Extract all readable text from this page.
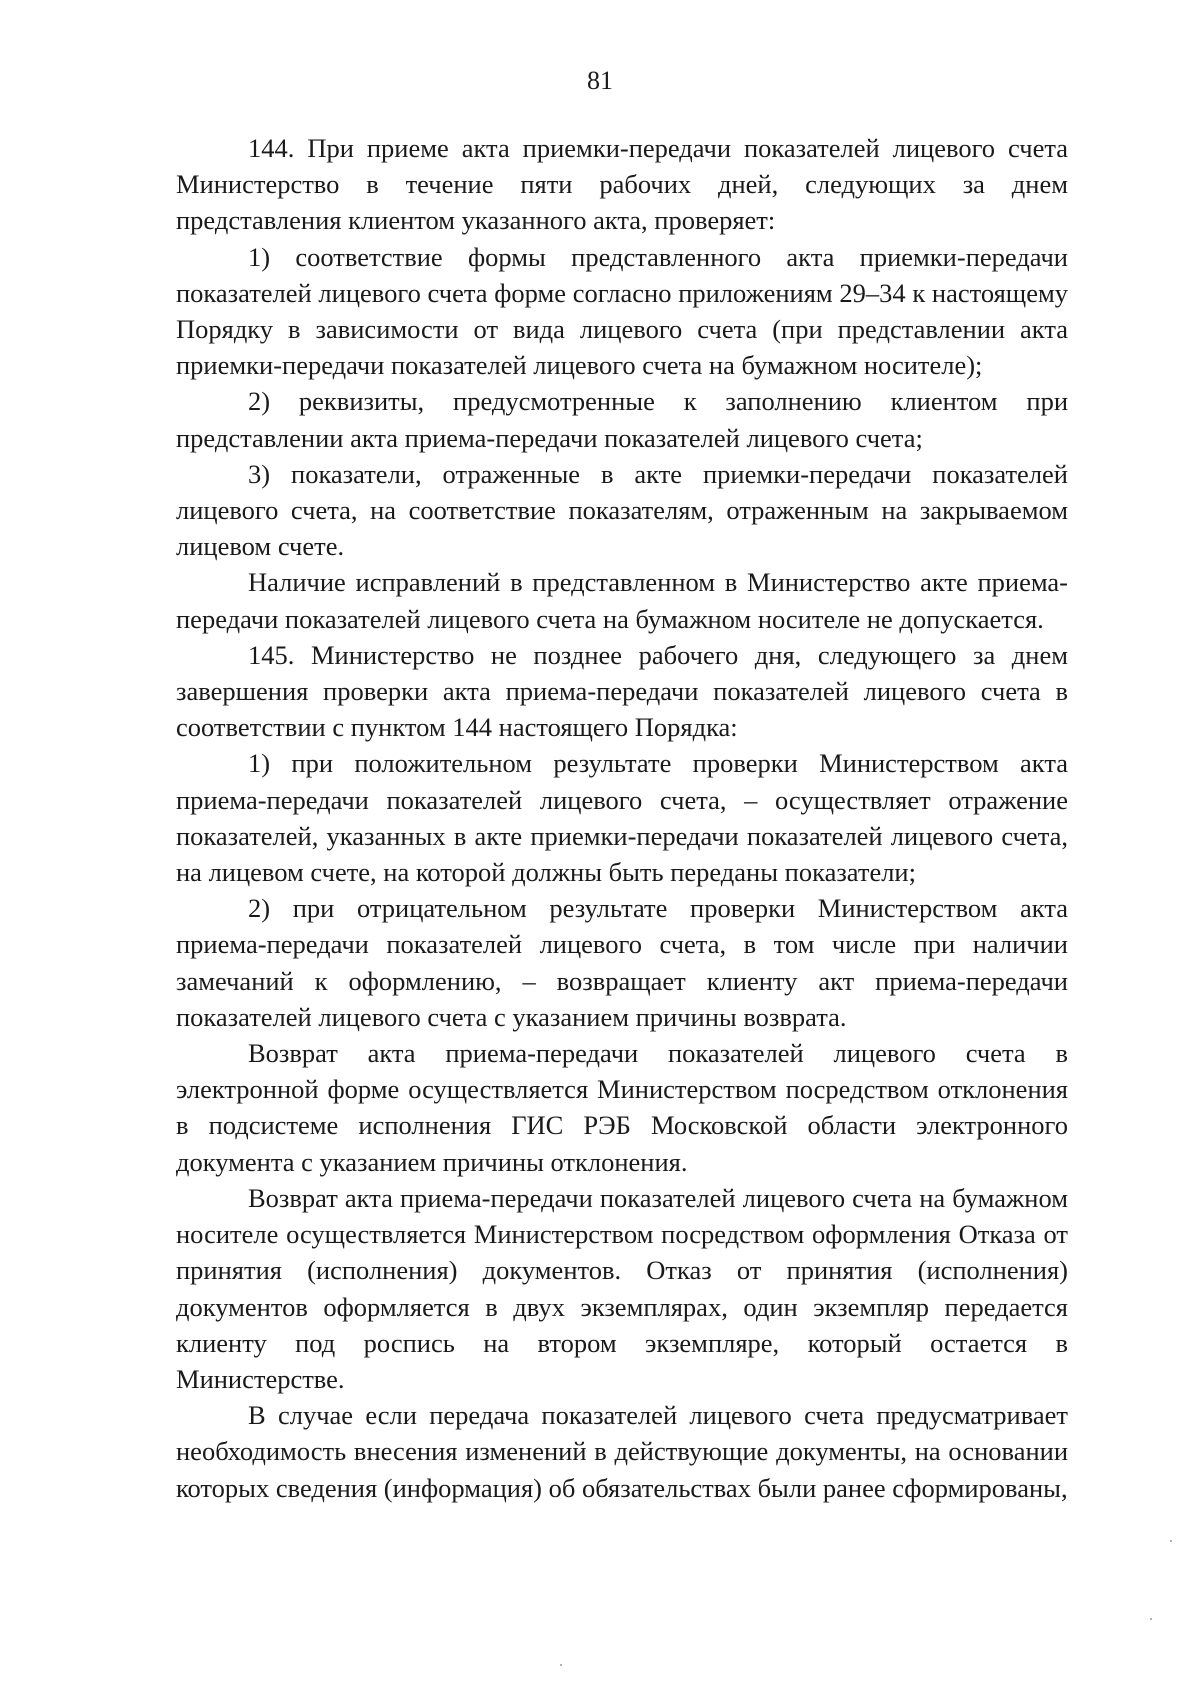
81

144. При приеме акта приемки-передачи показателей лицевого счета Министерство в течение пяти рабочих дней, следующих за днем представления клиентом указанного акта, проверяет:

1) соответствие формы представленного акта приемки-передачи показателей лицевого счета форме согласно приложениям 29–34 к настоящему Порядку в зависимости от вида лицевого счета (при представлении акта приемки-передачи показателей лицевого счета на бумажном носителе);

2) реквизиты, предусмотренные к заполнению клиентом при представлении акта приема-передачи показателей лицевого счета;

3) показатели, отраженные в акте приемки-передачи показателей лицевого счета, на соответствие показателям, отраженным на закрываемом лицевом счете.

Наличие исправлений в представленном в Министерство акте приема-передачи показателей лицевого счета на бумажном носителе не допускается.

145. Министерство не позднее рабочего дня, следующего за днем завершения проверки акта приема-передачи показателей лицевого счета в соответствии с пунктом 144 настоящего Порядка:

1) при положительном результате проверки Министерством акта приема-передачи показателей лицевого счета, – осуществляет отражение показателей, указанных в акте приемки-передачи показателей лицевого счета, на лицевом счете, на которой должны быть переданы показатели;

2) при отрицательном результате проверки Министерством акта приема-передачи показателей лицевого счета, в том числе при наличии замечаний к оформлению, – возвращает клиенту акт приема-передачи показателей лицевого счета с указанием причины возврата.

Возврат акта приема-передачи показателей лицевого счета в электронной форме осуществляется Министерством посредством отклонения в подсистеме исполнения ГИС РЭБ Московской области электронного документа с указанием причины отклонения.

Возврат акта приема-передачи показателей лицевого счета на бумажном носителе осуществляется Министерством посредством оформления Отказа от принятия (исполнения) документов. Отказ от принятия (исполнения) документов оформляется в двух экземплярах, один экземпляр передается клиенту под роспись на втором экземпляре, который остается в Министерстве.

В случае если передача показателей лицевого счета предусматривает необходимость внесения изменений в действующие документы, на основании которых сведения (информация) об обязательствах были ранее сформированы,
